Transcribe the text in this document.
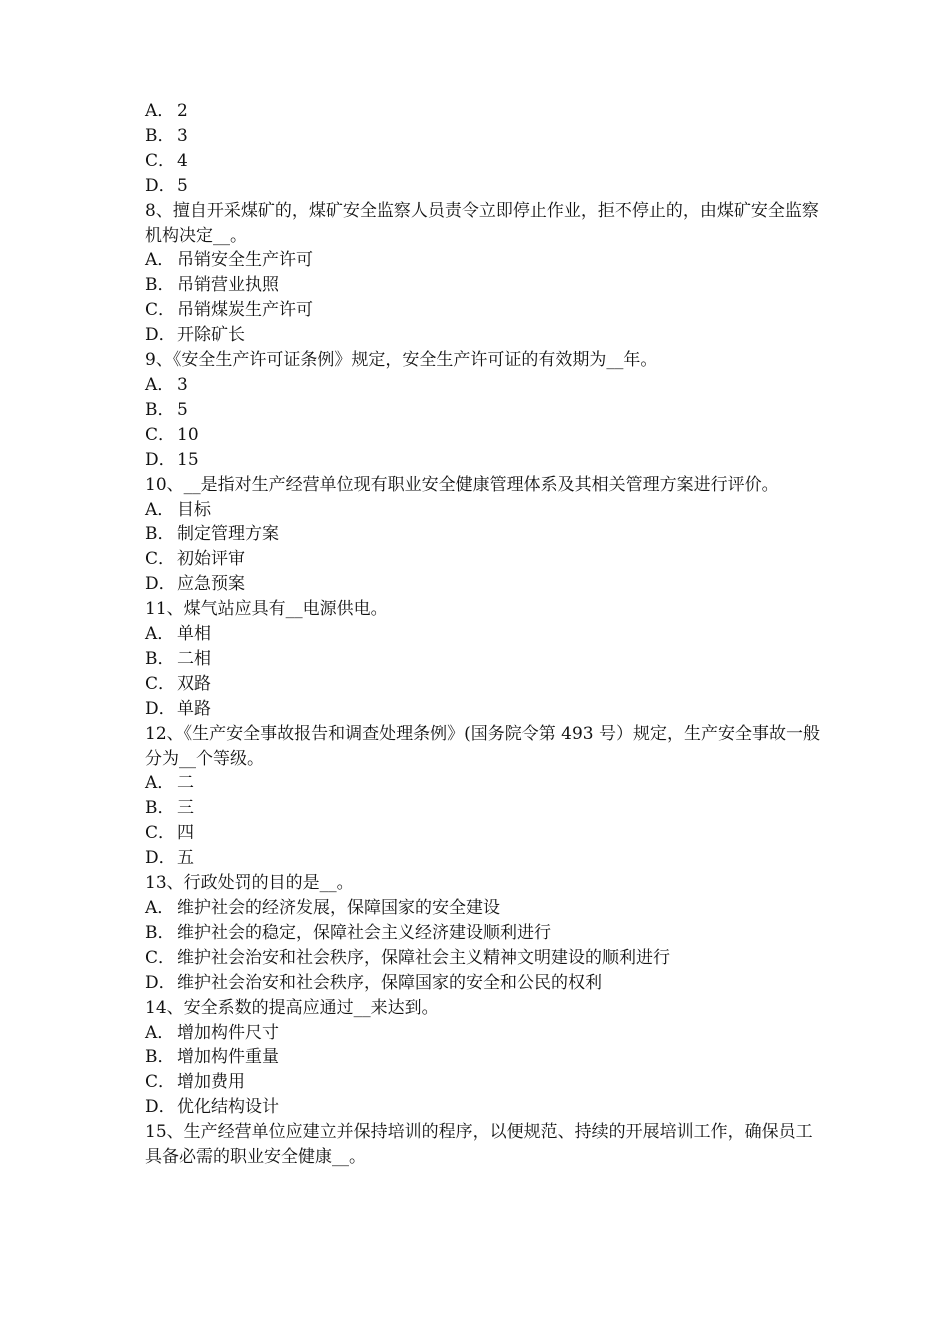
A． 2
B． 3
C． 4
D．5
8、擅自开采煤矿的，煤矿安全监察人员责令立即停止作业，拒不停止的，由煤矿安全监察机构决定__。
A． 吊销安全生产许可
B． 吊销营业执照
C． 吊销煤炭生产许可
D．开除矿长
9、《安全生产许可证条例》规定，安全生产许可证的有效期为__年。
A． 3
B． 5
C． 10
D．15
10、__是指对生产经营单位现有职业安全健康管理体系及其相关管理方案进行评价。
A． 目标
B． 制定管理方案
C． 初始评审
D．应急预案
11、煤气站应具有__电源供电。
A． 单相
B． 二相
C． 双路
D．单路
12、《生产安全事故报告和调查处理条例》(国务院令第 493 号）规定，生产安全事故一般分为__个等级。
A． 二
B． 三
C． 四
D．五
13、行政处罚的目的是__。
A． 维护社会的经济发展，保障国家的安全建设
B． 维护社会的稳定，保障社会主义经济建设顺利进行
C． 维护社会治安和社会秩序，保障社会主义精神文明建设的顺利进行
D．维护社会治安和社会秩序，保障国家的安全和公民的权利
14、安全系数的提高应通过__来达到。
A． 增加构件尺寸
B． 增加构件重量
C． 增加费用
D．优化结构设计
15、生产经营单位应建立并保持培训的程序，以便规范、持续的开展培训工作，确保员工具备必需的职业安全健康__。
